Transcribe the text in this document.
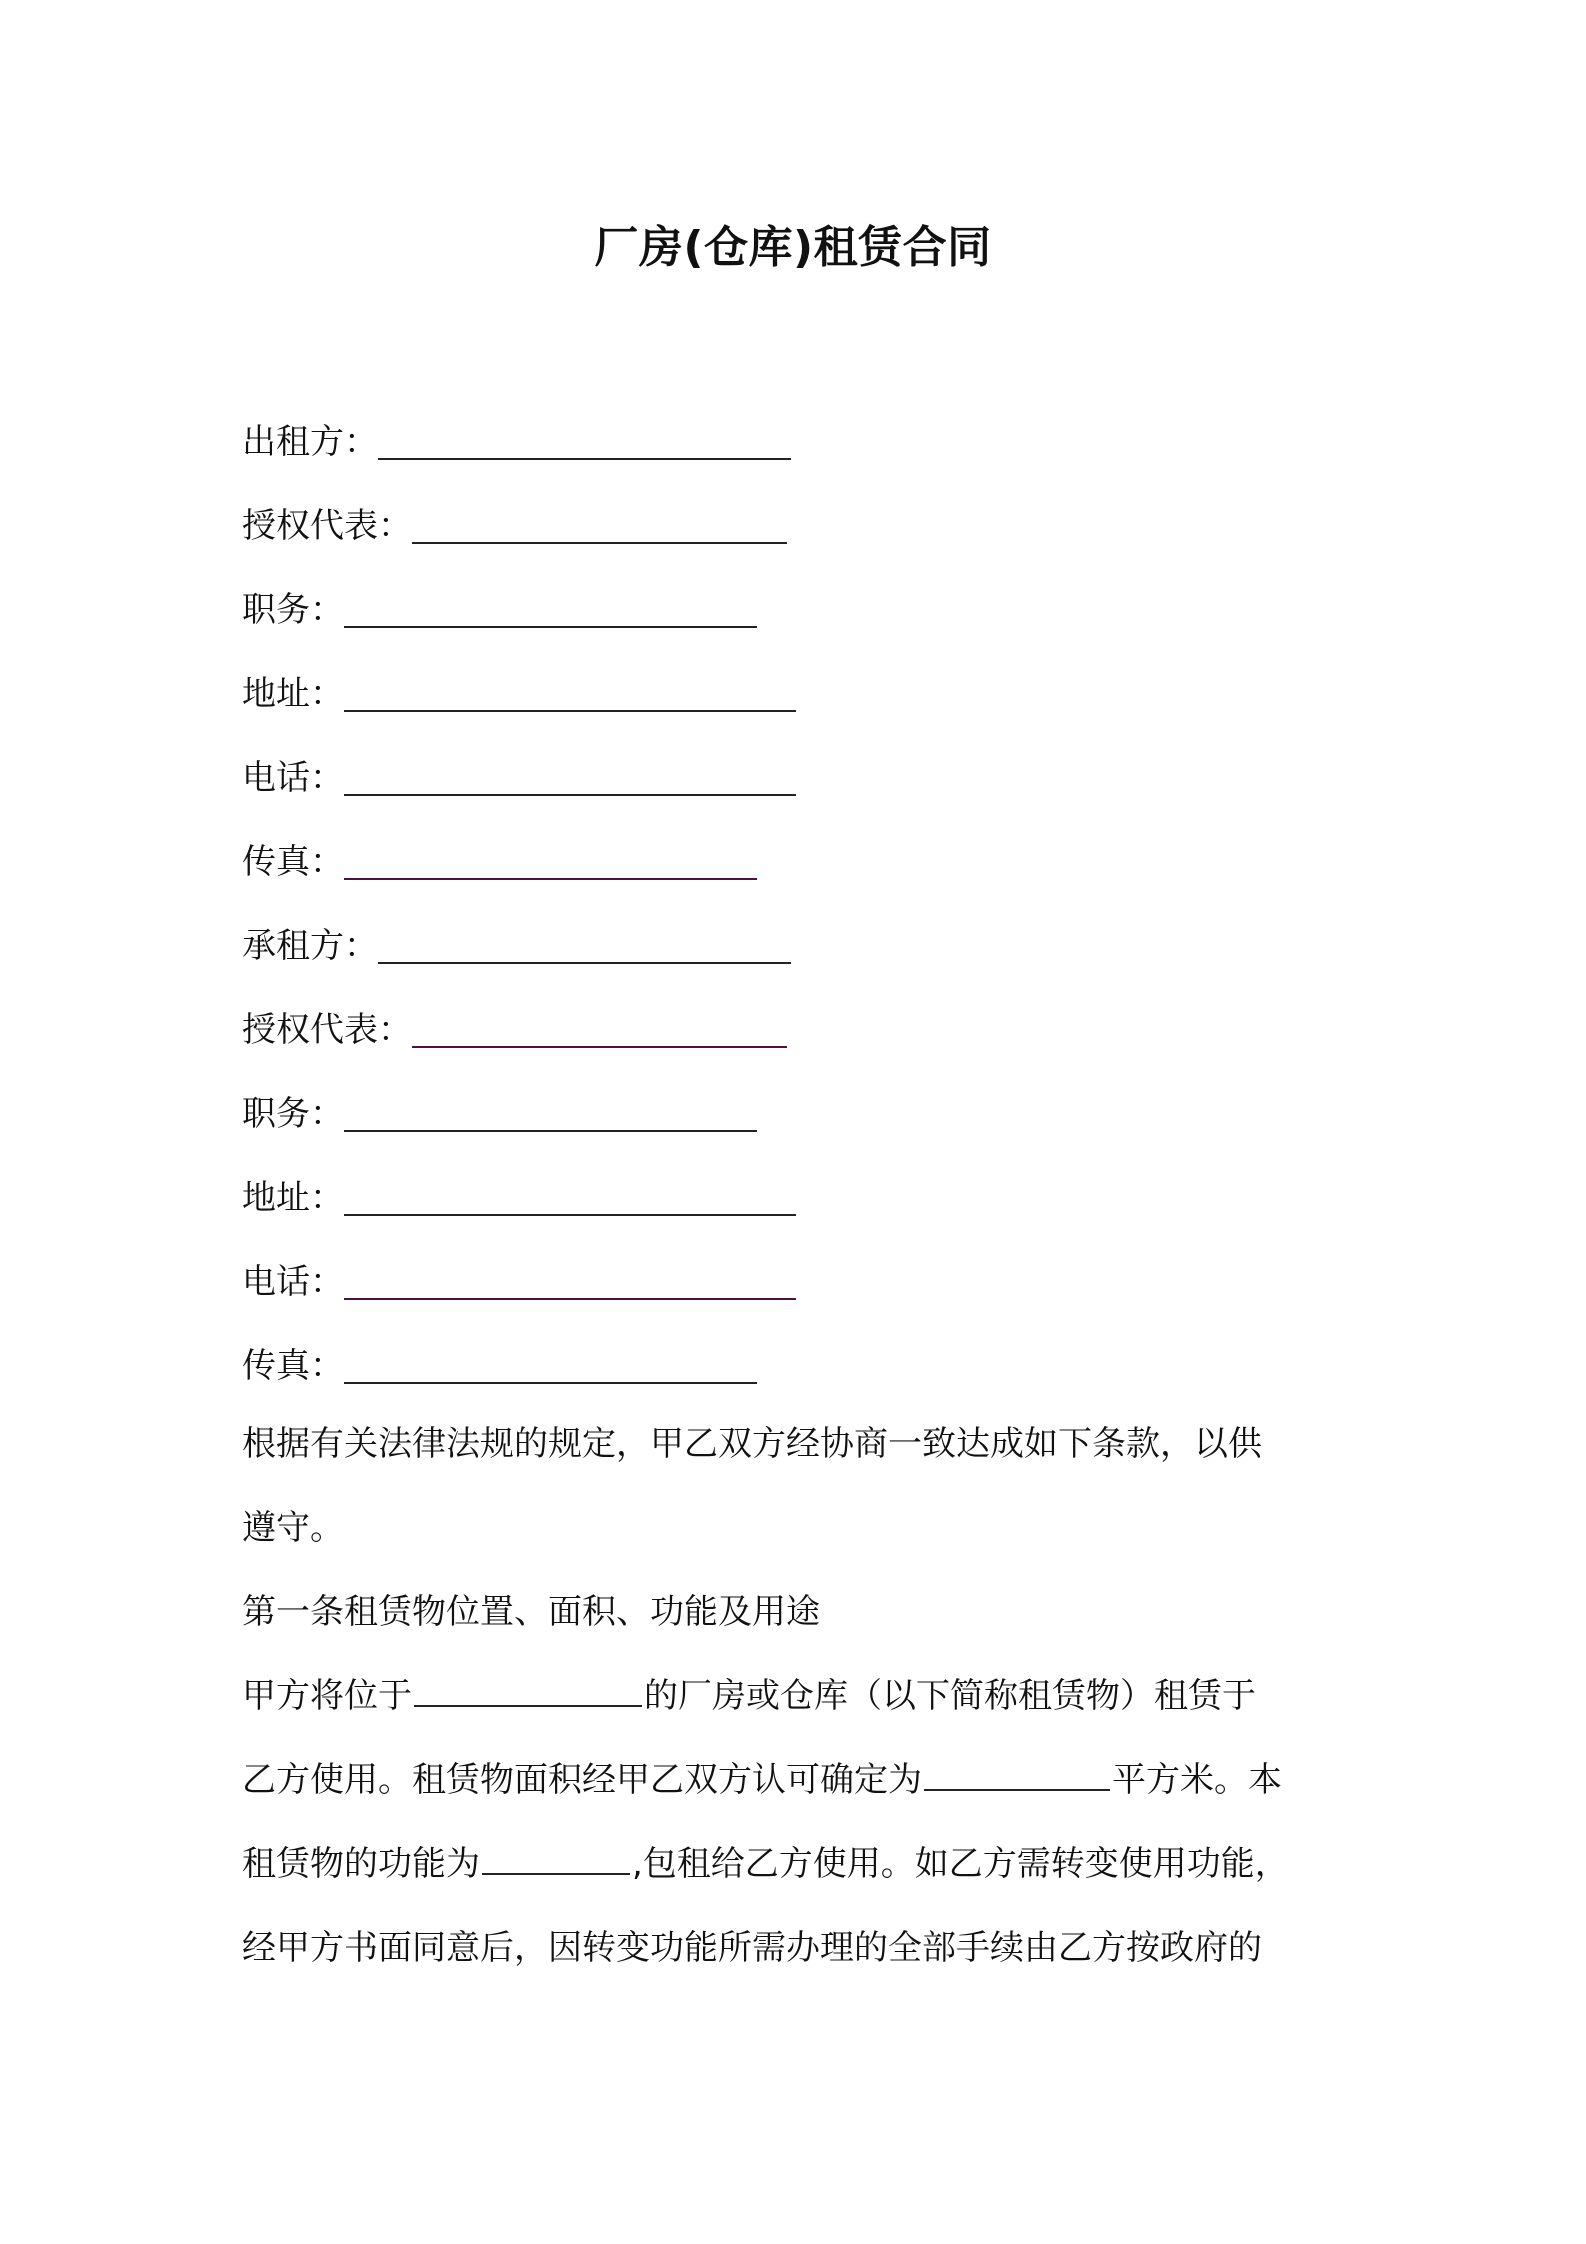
厂房(仓库)租赁合同
出租方：
授权代表：
职务：
地址：
电话：
传真：
承租方：
授权代表：
职务：
地址：
电话：
传真：
根据有关法律法规的规定，甲乙双方经协商一致达成如下条款，以供
遵守。
第一条租赁物位置、面积、功能及用途
甲方将位于	的厂房或仓库（以下简称租赁物）租赁于
乙方使用。租赁物面积经甲乙双方认可确定为	平方米。本
租赁物的功能为	,包租给乙方使用。如乙方需转变使用功能，
经甲方书面同意后，因转变功能所需办理的全部手续由乙方按政府的
